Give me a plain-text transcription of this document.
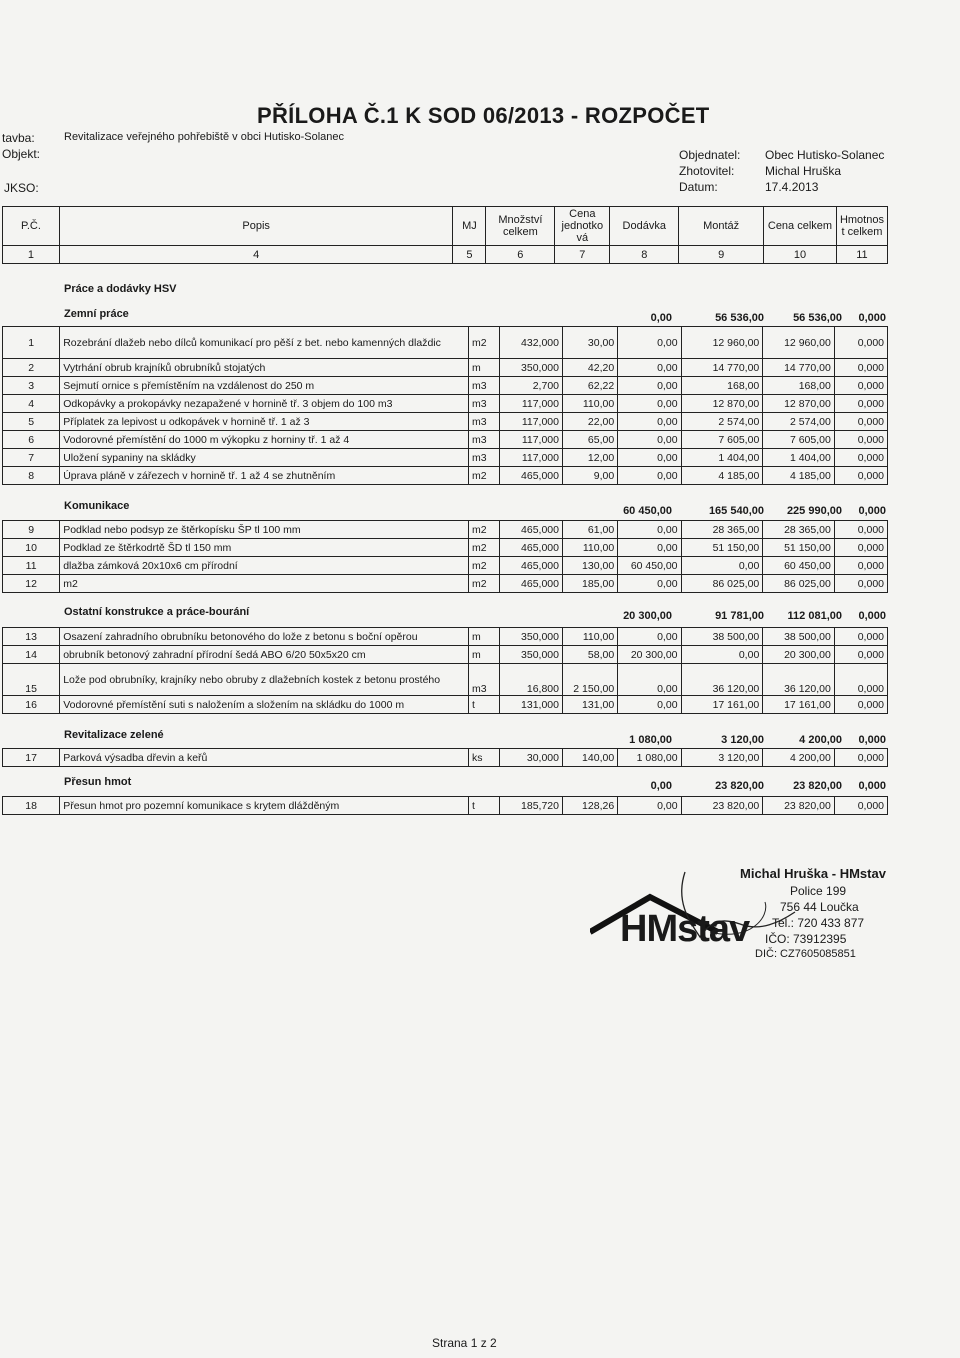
PŘÍLOHA Č.1 K SOD 06/2013 - ROZPOČET
tavba:	Revitalizace veřejného pohřebiště v obci Hutisko-Solanec
Objekt:
JKSO:
Objednatel: Obec Hutisko-Solanec
Zhotovitel:	Michal Hruška
Datum:	17.4.2013
P.Č.	Popis	MJ	Množství celkem	Cena jednotko vá	Dodávka	Montáž	Cena celkem	Hmotnos t celkem
1	4	5	6	7	8	9	10	11
Práce a dodávky HSV
Zemní práce	0,00	56 536,00	56 536,00	0,000
1	Rozebrání dlažeb nebo dílců komunikací pro pěší z bet. nebo kamenných dlaždic	m2	432,000	30,00	0,00	12 960,00	12 960,00	0,000
2	Vytrhání obrub krajníků obrubníků stojatých	m	350,000	42,20	0,00	14 770,00	14 770,00	0,000
3	Sejmutí ornice s přemístěním na vzdálenost do 250 m	m3	2,700	62,22	0,00	168,00	168,00	0,000
4	Odkopávky a prokopávky nezapažené v hornině tř. 3 objem do 100 m3	m3	117,000	110,00	0,00	12 870,00	12 870,00	0,000
5	Příplatek za lepivost u odkopávek v hornině tř. 1 až 3	m3	117,000	22,00	0,00	2 574,00	2 574,00	0,000
6	Vodorovné přemístění do 1000 m výkopku z horniny tř. 1 až 4	m3	117,000	65,00	0,00	7 605,00	7 605,00	0,000
7	Uložení sypaniny na skládky	m3	117,000	12,00	0,00	1 404,00	1 404,00	0,000
8	Úprava pláně v zářezech v hornině tř. 1 až 4 se zhutněním	m2	465,000	9,00	0,00	4 185,00	4 185,00	0,000
Komunikace	60 450,00	165 540,00	225 990,00	0,000
9	Podklad nebo podsyp ze štěrkopísku ŠP tl 100 mm	m2	465,000	61,00	0,00	28 365,00	28 365,00	0,000
10	Podklad ze štěrkodrtě ŠD tl 150 mm	m2	465,000	110,00	0,00	51 150,00	51 150,00	0,000
11	dlažba zámková 20x10x6 cm přírodní	m2	465,000	130,00	60 450,00	0,00	60 450,00	0,000
12	m2	m2	465,000	185,00	0,00	86 025,00	86 025,00	0,000
Ostatní konstrukce a práce-bourání	20 300,00	91 781,00	112 081,00	0,000
13	Osazení zahradního obrubníku betonového do lože z betonu s boční opěrou	m	350,000	110,00	0,00	38 500,00	38 500,00	0,000
14	obrubník betonový zahradní přírodní šedá ABO 6/20 50x5x20 cm	m	350,000	58,00	20 300,00	0,00	20 300,00	0,000
15	Lože pod obrubníky, krajníky nebo obruby z dlažebních kostek z betonu prostého	m3	16,800	2 150,00	0,00	36 120,00	36 120,00	0,000
16	Vodorovné přemístění suti s naložením a složením na skládku do 1000 m	t	131,000	131,00	0,00	17 161,00	17 161,00	0,000
Revitalizace zelené	1 080,00	3 120,00	4 200,00	0,000
17	Parková výsadba dřevin a keřů	ks	30,000	140,00	1 080,00	3 120,00	4 200,00	0,000
Přesun hmot	0,00	23 820,00	23 820,00	0,000
18	Přesun hmot pro pozemní komunikace s krytem dlážděným	t	185,720	128,26	0,00	23 820,00	23 820,00	0,000
HMstav
Michal Hruška - HMstav
Police 199
756 44 Loučka
Tel.: 720 433 877
IČO: 73912395
DIČ: CZ7605085851
Strana 1 z 2
